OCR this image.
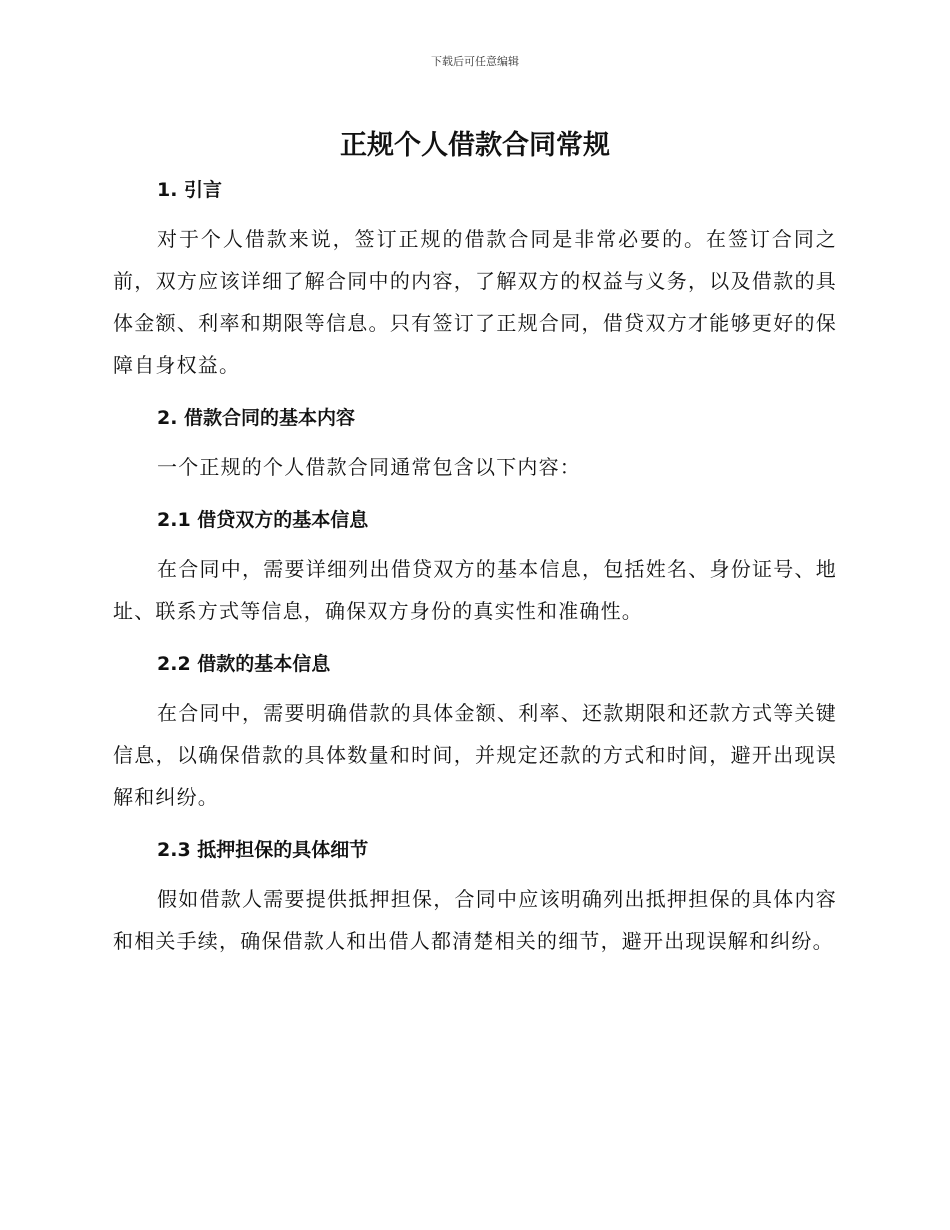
下载后可任意编辑
正规个人借款合同常规
1. 引言

对于个人借款来说，签订正规的借款合同是非常必要的。在签订合同之前，双方应该详细了解合同中的内容，了解双方的权益与义务，以及借款的具体金额、利率和期限等信息。只有签订了正规合同，借贷双方才能够更好的保障自身权益。

2. 借款合同的基本内容

一个正规的个人借款合同通常包含以下内容：

2.1 借贷双方的基本信息

在合同中，需要详细列出借贷双方的基本信息，包括姓名、身份证号、地址、联系方式等信息，确保双方身份的真实性和准确性。

2.2 借款的基本信息

在合同中，需要明确借款的具体金额、利率、还款期限和还款方式等关键信息，以确保借款的具体数量和时间，并规定还款的方式和时间，避开出现误解和纠纷。

2.3 抵押担保的具体细节

假如借款人需要提供抵押担保，合同中应该明确列出抵押担保的具体内容和相关手续，确保借款人和出借人都清楚相关的细节，避开出现误解和纠纷。
